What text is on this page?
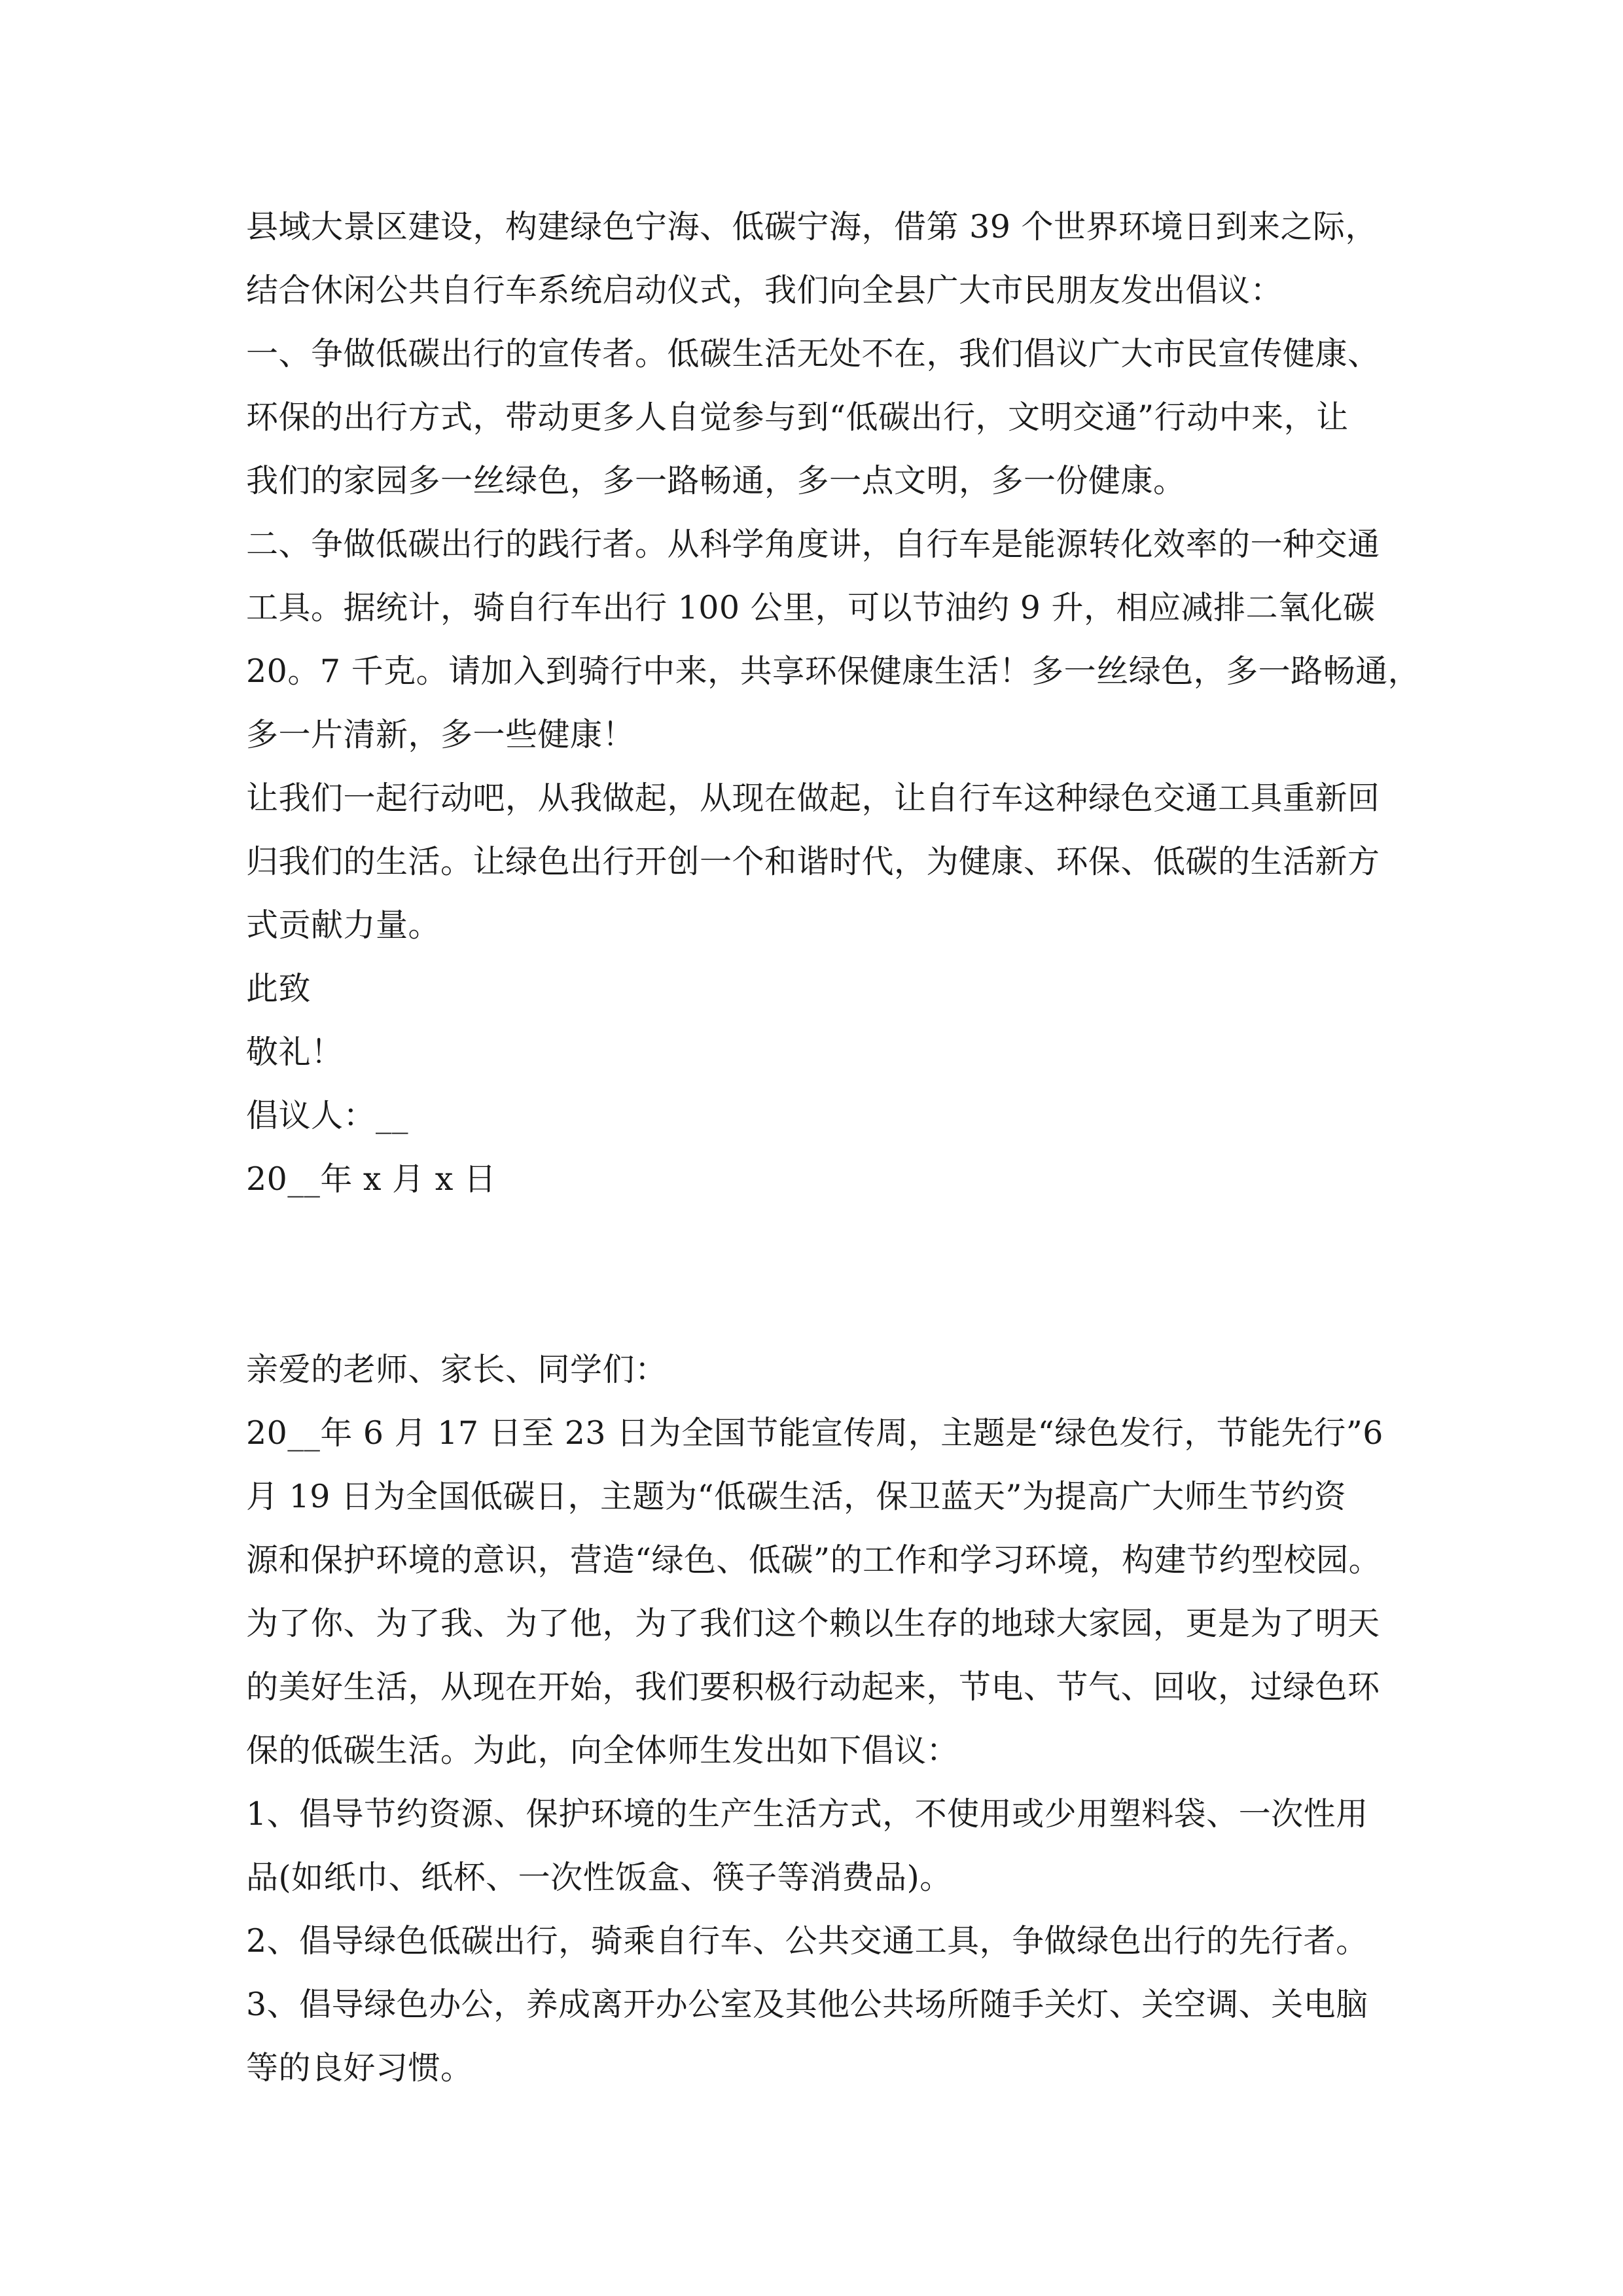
县域大景区建设，构建绿色宁海、低碳宁海，借第 39 个世界环境日到来之际，
结合休闲公共自行车系统启动仪式，我们向全县广大市民朋友发出倡议：
一、争做低碳出行的宣传者。低碳生活无处不在，我们倡议广大市民宣传健康、
环保的出行方式，带动更多人自觉参与到“低碳出行，文明交通”行动中来，让
我们的家园多一丝绿色，多一路畅通，多一点文明，多一份健康。
二、争做低碳出行的践行者。从科学角度讲，自行车是能源转化效率的一种交通
工具。据统计，骑自行车出行 100 公里，可以节油约 9 升，相应减排二氧化碳
20。7 千克。请加入到骑行中来，共享环保健康生活！多一丝绿色，多一路畅通，
多一片清新，多一些健康！
让我们一起行动吧，从我做起，从现在做起，让自行车这种绿色交通工具重新回
归我们的生活。让绿色出行开创一个和谐时代，为健康、环保、低碳的生活新方
式贡献力量。
此致
敬礼！
倡议人：__
20__年 x 月 x 日
亲爱的老师、家长、同学们：
20__年 6 月 17 日至 23 日为全国节能宣传周，主题是“绿色发行，节能先行”6
月 19 日为全国低碳日，主题为“低碳生活，保卫蓝天”为提高广大师生节约资
源和保护环境的意识，营造“绿色、低碳”的工作和学习环境，构建节约型校园。
为了你、为了我、为了他，为了我们这个赖以生存的地球大家园，更是为了明天
的美好生活，从现在开始，我们要积极行动起来，节电、节气、回收，过绿色环
保的低碳生活。为此，向全体师生发出如下倡议：
1、倡导节约资源、保护环境的生产生活方式，不使用或少用塑料袋、一次性用
品(如纸巾、纸杯、一次性饭盒、筷子等消费品)。
2、倡导绿色低碳出行，骑乘自行车、公共交通工具，争做绿色出行的先行者。
3、倡导绿色办公，养成离开办公室及其他公共场所随手关灯、关空调、关电脑
等的良好习惯。
